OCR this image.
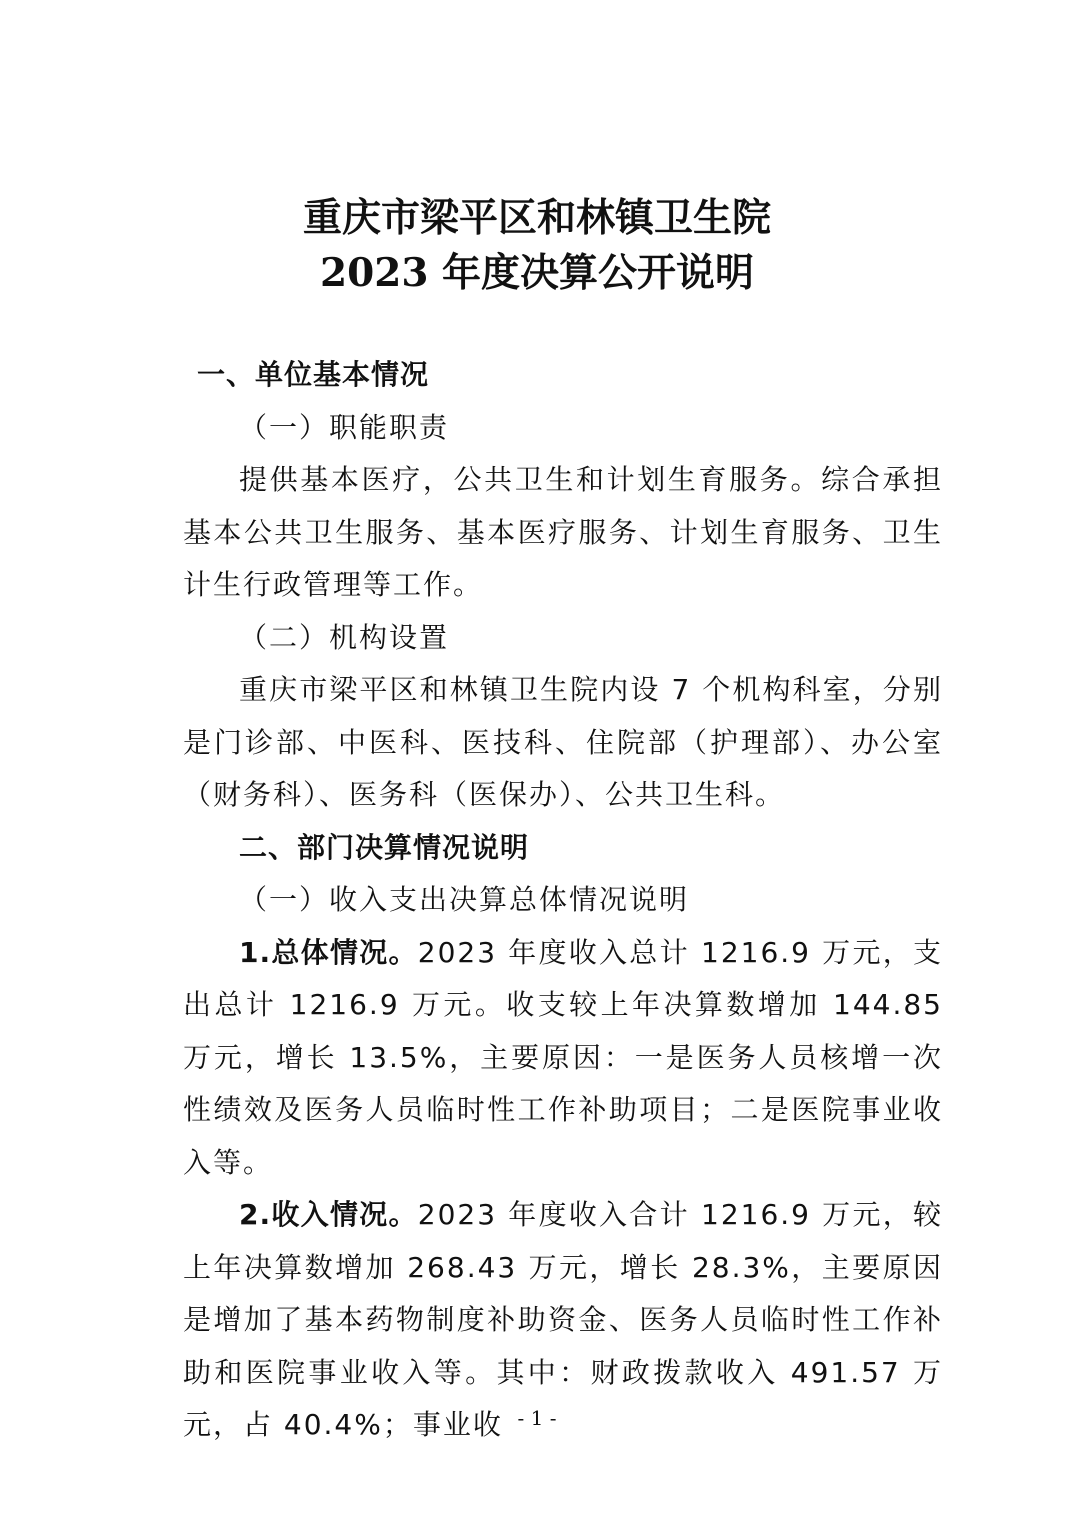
重庆市梁平区和林镇卫生院
2023 年度决算公开说明

一、单位基本情况

（一）职能职责

提供基本医疗，公共卫生和计划生育服务。综合承担基本公共卫生服务、基本医疗服务、计划生育服务、卫生计生行政管理等工作。

（二）机构设置

重庆市梁平区和林镇卫生院内设 7 个机构科室，分别是门诊部、中医科、医技科、住院部（护理部）、办公室（财务科）、医务科（医保办）、公共卫生科。

二、部门决算情况说明

（一）收入支出决算总体情况说明

1.总体情况。2023 年度收入总计 1216.9 万元，支出总计 1216.9 万元。收支较上年决算数增加 144.85 万元，增长 13.5%，主要原因：一是医务人员核增一次性绩效及医务人员临时性工作补助项目；二是医院事业收入等。

2.收入情况。2023 年度收入合计 1216.9 万元，较上年决算数增加 268.43 万元，增长 28.3%，主要原因是增加了基本药物制度补助资金、医务人员临时性工作补助和医院事业收入等。其中：财政拨款收入 491.57 万元，占 40.4%；事业收 - 1 -
